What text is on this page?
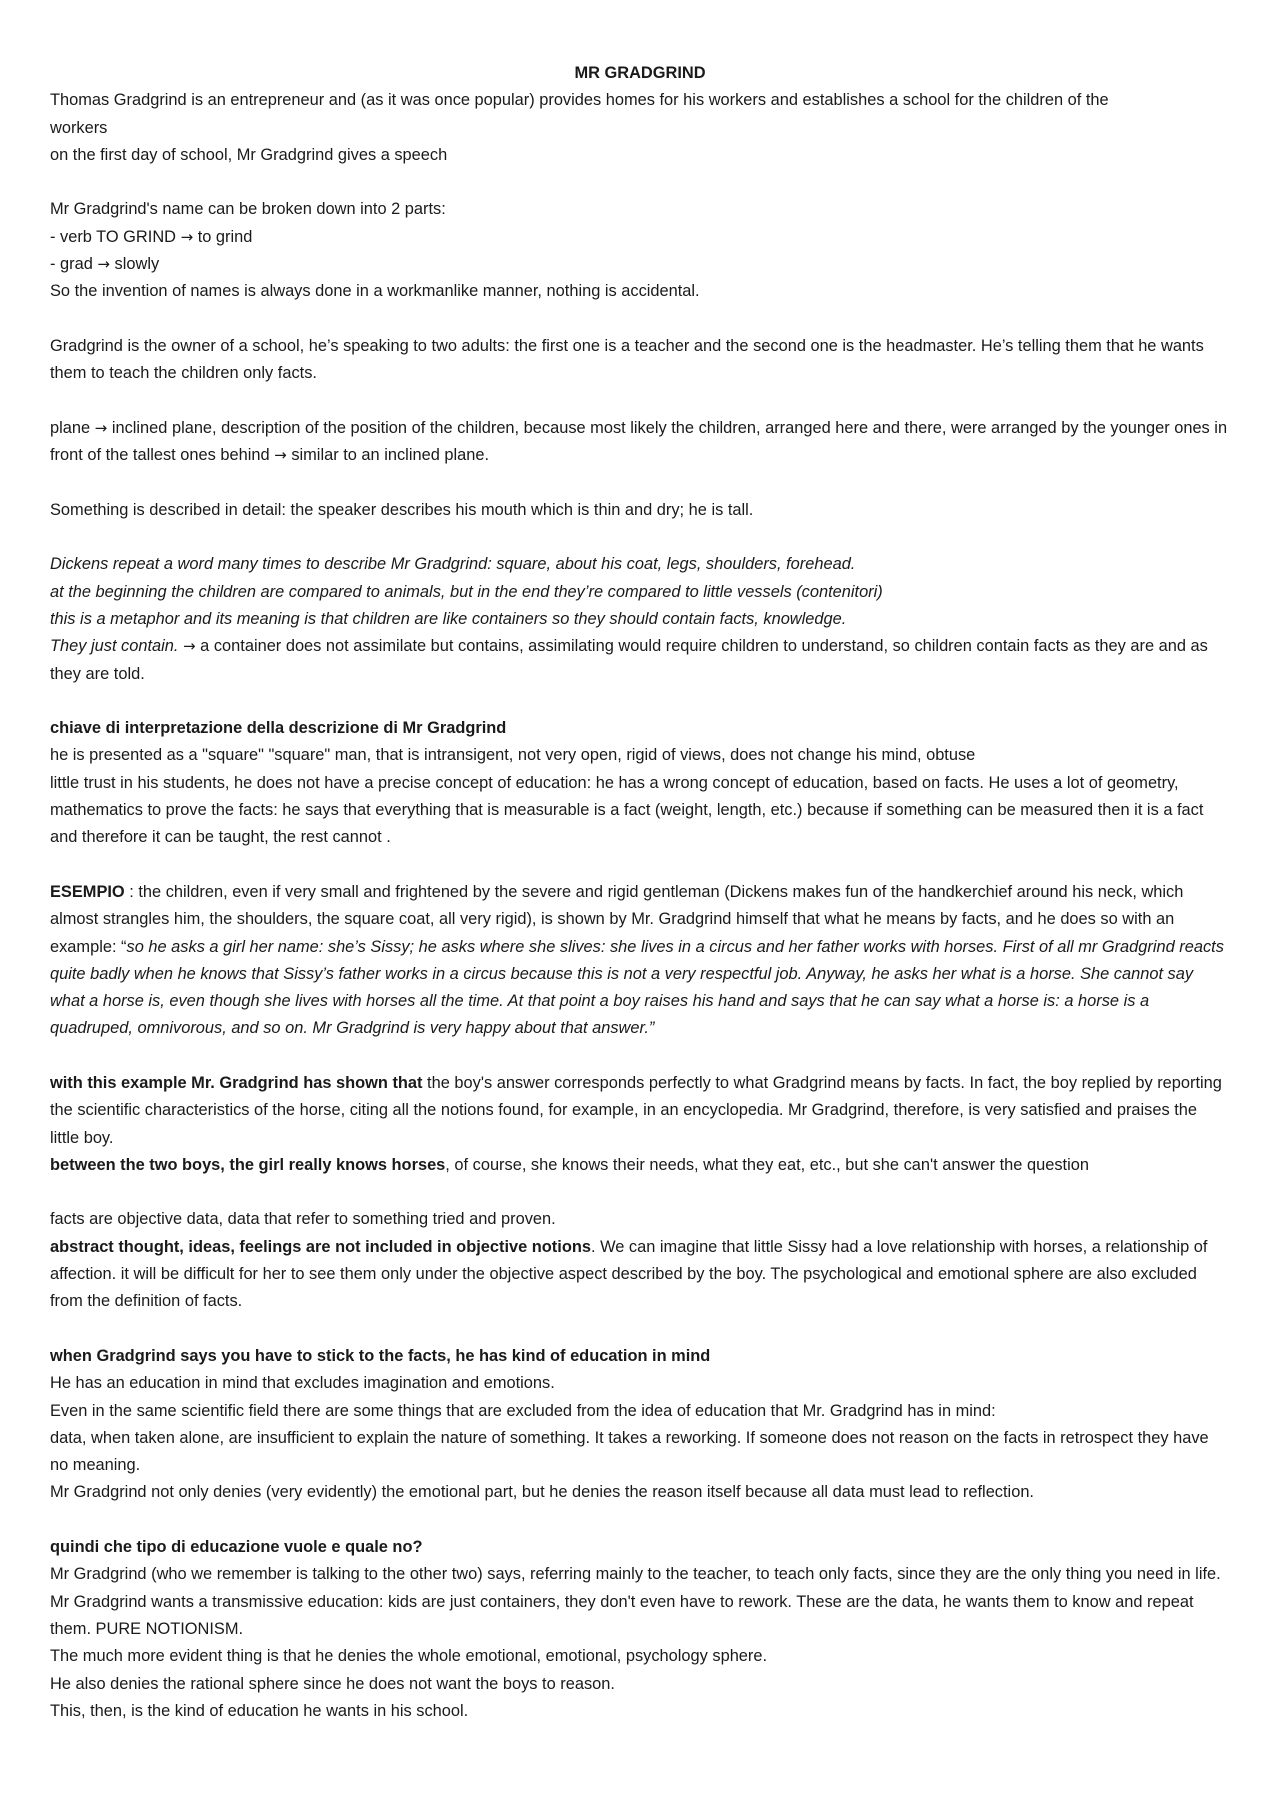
MR GRADGRIND

Thomas Gradgrind is an entrepreneur and (as it was once popular) provides homes for his workers and establishes a school for the children of the

workers

on the first day of school, Mr Gradgrind gives a speech

Mr Gradgrind's name can be broken down into 2 parts:

- verb TO GRIND → to grind

- grad → slowly

So the invention of names is always done in a workmanlike manner, nothing is accidental.

Gradgrind is the owner of a school, he’s speaking to two adults: the first one is a teacher and the second one is the headmaster. He’s telling them that he wants them to teach the children only facts.

plane → inclined plane, description of the position of the children, because most likely the children, arranged here and there, were arranged by the younger ones in front of the tallest ones behind → similar to an inclined plane.

Something is described in detail: the speaker describes his mouth which is thin and dry; he is tall.

Dickens repeat a word many times to describe Mr Gradgrind: square, about his coat, legs, shoulders, forehead.

at the beginning the children are compared to animals, but in the end they’re compared to little vessels (contenitori)

this is a metaphor and its meaning is that children are like containers so they should contain facts, knowledge.

They just contain. → a container does not assimilate but contains, assimilating would require children to understand, so children contain facts as they are and as they are told.

chiave di interpretazione della descrizione di Mr Gradgrind

he is presented as a "square" "square" man, that is intransigent, not very open, rigid of views, does not change his mind, obtuse

little trust in his students, he does not have a precise concept of education: he has a wrong concept of education, based on facts. He uses a lot of geometry, mathematics to prove the facts: he says that everything that is measurable is a fact (weight, length, etc.) because if something can be measured then it is a fact and therefore it can be taught, the rest cannot .

ESEMPIO : the children, even if very small and frightened by the severe and rigid gentleman (Dickens makes fun of the handkerchief around his neck, which almost strangles him, the shoulders, the square coat, all very rigid), is shown by Mr. Gradgrind himself that what he means by facts, and he does so with an example: “so he asks a girl her name: she’s Sissy; he asks where she slives: she lives in a circus and her father works with horses. First of all mr Gradgrind reacts quite badly when he knows that Sissy’s father works in a circus because this is not a very respectful job. Anyway, he asks her what is a horse. She cannot say what a horse is, even though she lives with horses all the time. At that point a boy raises his hand and says that he can say what a horse is: a horse is a quadruped, omnivorous, and so on. Mr Gradgrind is very happy about that answer.”

with this example Mr. Gradgrind has shown that the boy's answer corresponds perfectly to what Gradgrind means by facts. In fact, the boy replied by reporting the scientific characteristics of the horse, citing all the notions found, for example, in an encyclopedia. Mr Gradgrind, therefore, is very satisfied and praises the little boy.

between the two boys, the girl really knows horses, of course, she knows their needs, what they eat, etc., but she can't answer the question

facts are objective data, data that refer to something tried and proven.

abstract thought, ideas, feelings are not included in objective notions. We can imagine that little Sissy had a love relationship with horses, a relationship of affection. it will be difficult for her to see them only under the objective aspect described by the boy. The psychological and emotional sphere are also excluded from the definition of facts.

when Gradgrind says you have to stick to the facts, he has kind of education in mind

He has an education in mind that excludes imagination and emotions.

Even in the same scientific field there are some things that are excluded from the idea of education that Mr. Gradgrind has in mind:

data, when taken alone, are insufficient to explain the nature of something. It takes a reworking. If someone does not reason on the facts in retrospect they have no meaning.

Mr Gradgrind not only denies (very evidently) the emotional part, but he denies the reason itself because all data must lead to reflection.

quindi che tipo di educazione vuole e quale no?

Mr Gradgrind (who we remember is talking to the other two) says, referring mainly to the teacher, to teach only facts, since they are the only thing you need in life.

Mr Gradgrind wants a transmissive education: kids are just containers, they don't even have to rework. These are the data, he wants them to know and repeat them. PURE NOTIONISM.

The much more evident thing is that he denies the whole emotional, emotional, psychology sphere.

He also denies the rational sphere since he does not want the boys to reason.

This, then, is the kind of education he wants in his school.
